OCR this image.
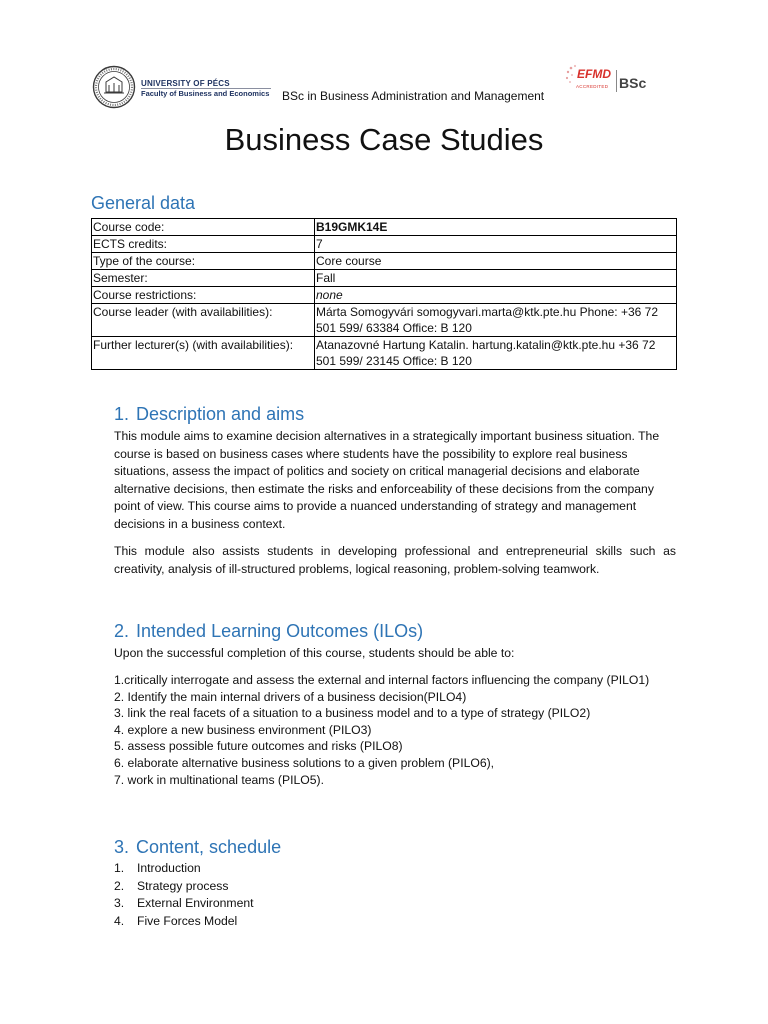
UNIVERSITY OF PÉCS
Faculty of Business and Economics BSc in Business Administration and Management
EFMD
ACCREDITED BSc
Business Case Studies
General data
Course code:	B19GMK14E
ECTS credits:	7
Type of the course:	Core course
Semester:	Fall
Course restrictions:	none
Course leader (with availabilities):	Márta Somogyvári somogyvari.marta@ktk.pte.hu Phone: +36 72 501 599/ 63384 Office: B 120
Further lecturer(s) (with availabilities):	Atanazovné Hartung Katalin. hartung.katalin@ktk.pte.hu +36 72 501 599/ 23145 Office: B 120
1. Description and aims
This module aims to examine decision alternatives in a strategically important business situation. The course is based on business cases where students have the possibility to explore real business situations, assess the impact of politics and society on critical managerial decisions and elaborate alternative decisions, then estimate the risks and enforceability of these decisions from the company point of view. This course aims to provide a nuanced understanding of strategy and management decisions in a business context.
This module also assists students in developing professional and entrepreneurial skills such as creativity, analysis of ill-structured problems, logical reasoning, problem-solving teamwork.
2. Intended Learning Outcomes (ILOs)
Upon the successful completion of this course, students should be able to:
1.critically interrogate and assess the external and internal factors influencing the company (PILO1)
2. Identify the main internal drivers of a business decision(PILO4)
3. link the real facets of a situation to a business model and to a type of strategy (PILO2)
4. explore a new business environment (PILO3)
5. assess possible future outcomes and risks (PILO8)
6. elaborate alternative business solutions to a given problem (PILO6),
7. work in multinational teams (PILO5).
3. Content, schedule
1. Introduction
2. Strategy process
3. External Environment
4. Five Forces Model
